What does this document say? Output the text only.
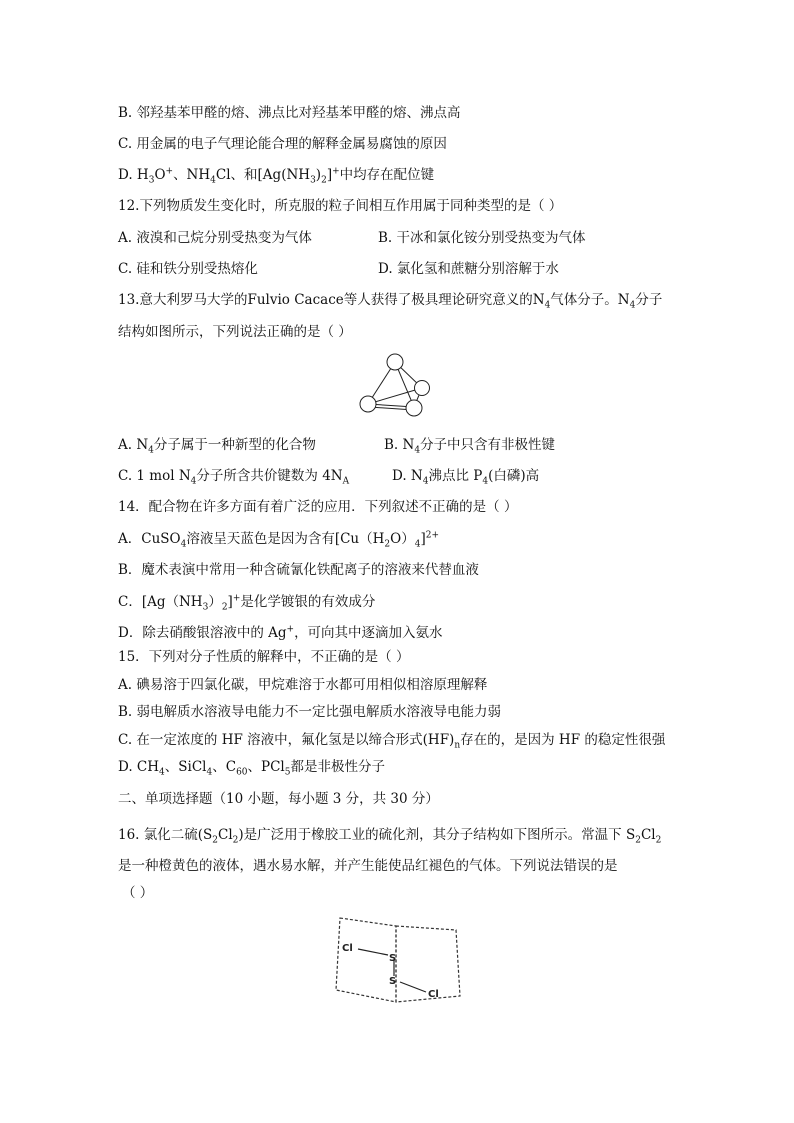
B. 邻羟基苯甲醛的熔、沸点比对羟基苯甲醛的熔、沸点高
C. 用金属的电子气理论能合理的解释金属易腐蚀的原因
D. $H_3O^+$、$NH_4Cl$、和$[Ag(NH_3)_2]^+$中均存在配位键
12.下列物质发生变化时，所克服的粒子间相互作用属于同种类型的是（ ）
A. 液溴和己烷分别受热变为气体	B. 干冰和氯化铵分别受热变为气体
C. 硅和铁分别受热熔化	D. 氯化氢和蔗糖分别溶解于水
13.意大利罗马大学的Fulvio Cacace等人获得了极具理论研究意义的$N_4$气体分子。$N_4$分子
结构如图所示，下列说法正确的是（ ）
A. $N_4$分子属于一种新型的化合物	B. $N_4$分子中只含有非极性键
C. 1 mol $N_4$分子所含共价键数为 $4N_A$	D. $N_4$沸点比 $P_4$(白磷)高
14．配合物在许多方面有着广泛的应用．下列叙述不正确的是（ ）
A．CuSO$_4$溶液呈天蓝色是因为含有$[Cu(H_2O)_4]^{2+}$
B．魔术表演中常用一种含硫氰化铁配离子的溶液来代替血液
C．$[Ag(NH_3)_2]^+$是化学镀银的有效成分
D．除去硝酸银溶液中的 Ag+，可向其中逐滴加入氨水
15．下列对分子性质的解释中，不正确的是（ ）
A. 碘易溶于四氯化碳，甲烷难溶于水都可用相似相溶原理解释
B. 弱电解质水溶液导电能力不一定比强电解质水溶液导电能力弱
C. 在一定浓度的 HF 溶液中，氟化氢是以缔合形式$(HF)_n$存在的，是因为 HF 的稳定性很强
D. $CH_4$、SiCl$_4$、$C_{60}$、PCl$_5$都是非极性分子
二、单项选择题（10 小题，每小题 3 分，共 30 分）
16. 氯化二硫$(S_2Cl_2)$是广泛用于橡胶工业的硫化剂，其分子结构如下图所示。常温下 $S_2Cl_2$
是一种橙黄色的液体，遇水易水解，并产生能使品红褪色的气体。下列说法错误的是
（ ）
Cl
S
S
Cl
